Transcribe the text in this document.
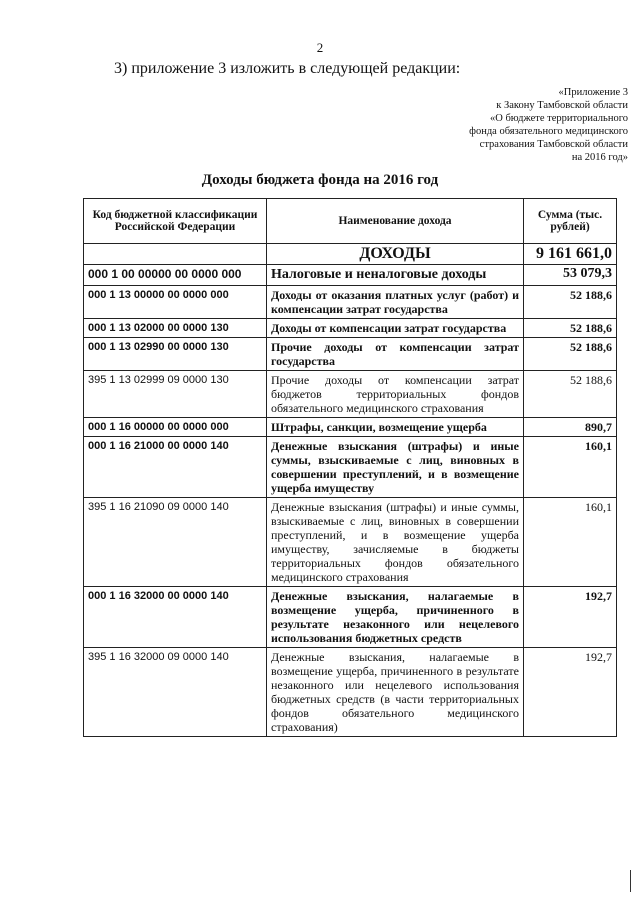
2
3) приложение 3 изложить в следующей редакции:
«Приложение 3
к Закону Тамбовской области
«О бюджете территориального
фонда обязательного медицинского
страхования Тамбовской области
на 2016 год»
Доходы бюджета фонда на 2016 год
Код бюджетной классификации Российской Федерации	Наименование дохода	Сумма (тыс. рублей)
	ДОХОДЫ	9 161 661,0
000 1 00 00000 00 0000 000	Налоговые и неналоговые доходы	53 079,3
000 1 13 00000 00 0000 000	Доходы от оказания платных услуг (работ) и компенсации затрат государства	52 188,6
000 1 13 02000 00 0000 130	Доходы от компенсации затрат государства	52 188,6
000 1 13 02990 00 0000 130	Прочие доходы от компенсации затрат государства	52 188,6
395 1 13 02999 09 0000 130	Прочие доходы от компенсации затрат бюджетов территориальных фондов обязательного медицинского страхования	52 188,6
000 1 16 00000 00 0000 000	Штрафы, санкции, возмещение ущерба	890,7
000 1 16 21000 00 0000 140	Денежные взыскания (штрафы) и иные суммы, взыскиваемые с лиц, виновных в совершении преступлений, и в возмещение ущерба имуществу	160,1
395 1 16 21090 09 0000 140	Денежные взыскания (штрафы) и иные суммы, взыскиваемые с лиц, виновных в совершении преступлений, и в возмещение ущерба имуществу, зачисляемые в бюджеты территориальных фондов обязательного медицинского страхования	160,1
000 1 16 32000 00 0000 140	Денежные взыскания, налагаемые в возмещение ущерба, причиненного в результате незаконного или нецелевого использования бюджетных средств	192,7
395 1 16 32000 09 0000 140	Денежные взыскания, налагаемые в возмещение ущерба, причиненного в результате незаконного или нецелевого использования бюджетных средств (в части территориальных фондов обязательного медицинского страхования)	192,7
